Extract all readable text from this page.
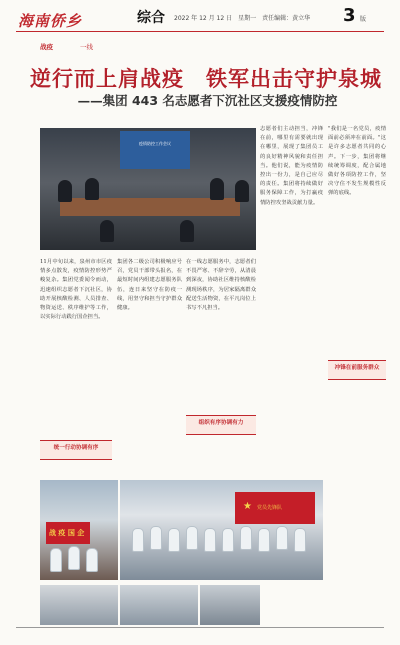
海南侨乡	综合 2022 年 12 月 12 日　星期一　 责任编辑：黄立华 3 版
战疫	一线
逆行而上肩战疫　铁军出击守护泉城
——集团 443 名志愿者下沉社区支援疫情防控
疫情防控工作会议
11月中旬以来，泉州市市区疫情多点散发，疫情防控形势严峻复杂。集团党委闻令而动，迅速组织志愿者下沉社区，协助开展核酸检测、人员排查、物资运送、秩序维护等工作，以实际行动践行国企担当。
集团各二级公司积极响应号召，党员干部带头报名，在最短时间内组建志愿服务队伍，连日来坚守在防疫一线，用坚守和担当守护群众健康。
在一线志愿服务中，志愿者们不畏严寒、不辞辛劳，从清晨到深夜，协助社区维持核酸检测现场秩序，为居家隔离群众配送生活物资，在平凡岗位上书写不凡担当。
志愿者们主动担当，冲锋在前，哪里有需要就出现在哪里，展现了集团员工的良好精神风貌和责任担当。他们说，能为疫情防控出一份力，是自己应尽的责任。集团将持续做好服务保障工作，为打赢疫情防控攻坚战贡献力量。
"我们是一名党员，疫情面前必须冲在前面。"这是许多志愿者共同的心声。下一步，集团将继续统筹调度，配合属地做好各项防控工作，坚决守住不发生规模性反弹的底线。
统一行动协调有序
组织有序协调有力
冲锋在前服务群众
战 疫 国 企
★ 党员先锋队
